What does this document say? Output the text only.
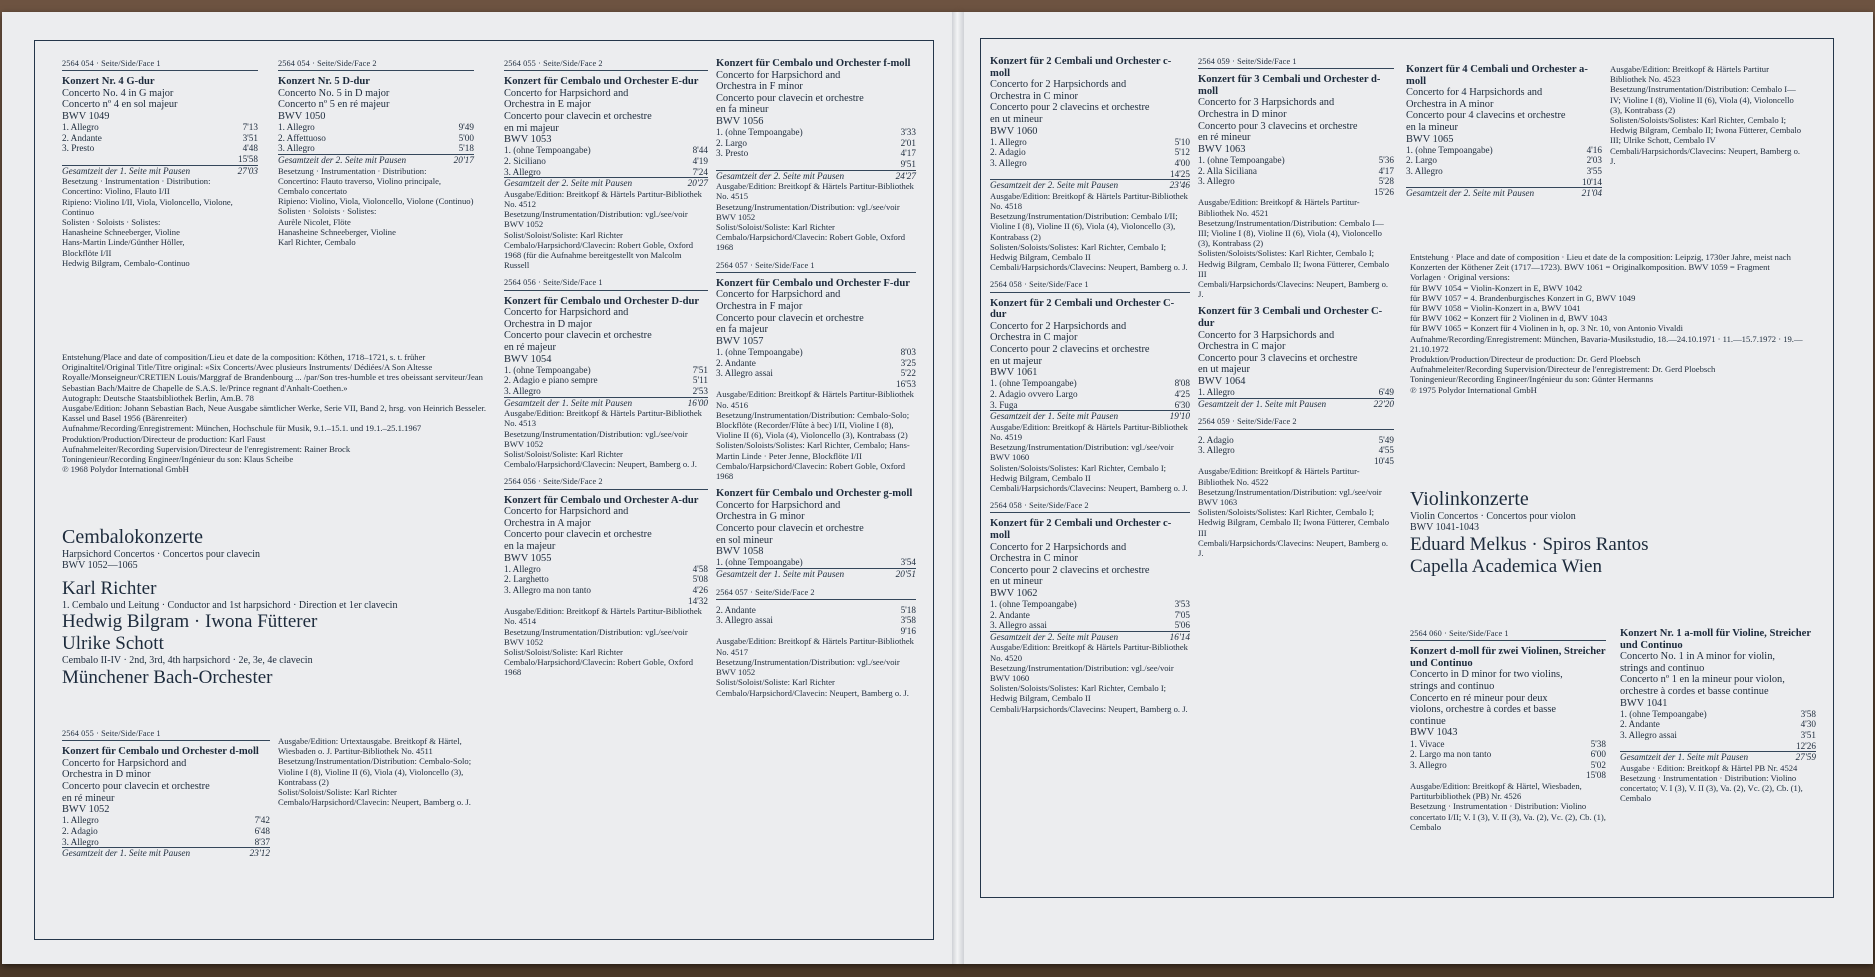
2564 054 · Seite/Side/Face 1
Konzert Nr. 4 G-dur
Concerto No. 4 in G major
Concerto nº 4 en sol majeur
BWV 1049
1. Allegro	7'13
2. Andante	3'51
3. Presto	4'48
15'58
Gesamtzeit der 1. Seite mit Pausen	27'03
Besetzung · Instrumentation · Distribution:
Concertino: Violino, Flauto I/II
Ripieno: Violino I/II, Viola, Violoncello, Violone, Continuo
Solisten · Soloists · Solistes:
Hanasheine Schneeberger, Violine
Hans-Martin Linde/Günther Höller,
Blockflöte I/II
Hedwig Bilgram, Cembalo-Continuo
2564 054 · Seite/Side/Face 2
Konzert Nr. 5 D-dur
Concerto No. 5 in D major
Concerto nº 5 en ré majeur
BWV 1050
1. Allegro	9'49
2. Affettuoso	5'00
3. Allegro	5'18
Gesamtzeit der 2. Seite mit Pausen	20'17
Besetzung · Instrumentation · Distribution:
Concertino: Flauto traverso, Violino principale, Cembalo concertato
Ripieno: Violino, Viola, Violoncello, Violone (Continuo)
Solisten · Soloists · Solistes:
Aurèle Nicolet, Flöte
Hanasheine Schneeberger, Violine
Karl Richter, Cembalo
Entstehung/Place and date of composition/Lieu et date de la composition: Köthen, 1718–1721, s. t. früher
Originaltitel/Original Title/Titre original: «Six Concerts/Avec plusieurs Instruments/ Dédiées/A Son Altesse Royalle/Monseigneur/CRETIEN Louis/Marggraf de Brandenbourg ... /par/Son tres-humble et tres obeissant serviteur/Jean Sebastian Bach/Maitre de Chapelle de S.A.S. le/Prince regnant d'Anhalt-Coethen.»
Autograph: Deutsche Staatsbibliothek Berlin, Am.B. 78
Ausgabe/Edition: Johann Sebastian Bach, Neue Ausgabe sämtlicher Werke, Serie VII, Band 2, hrsg. von Heinrich Besseler. Kassel und Basel 1956 (Bärenreiter)
Aufnahme/Recording/Enregistrement: München, Hochschule für Musik, 9.1.–15.1. und 19.1.–25.1.1967
Produktion/Production/Directeur de production: Karl Faust
Aufnahmeleiter/Recording Supervision/Directeur de l'enregistrement: Rainer Brock
Toningenieur/Recording Engineer/Ingénieur du son: Klaus Scheibe
℗ 1968 Polydor International GmbH
Cembalokonzerte
Harpsichord Concertos · Concertos pour clavecin
BWV 1052—1065
Karl Richter
1. Cembalo und Leitung · Conductor and 1st harpsichord · Direction et 1er clavecin
Hedwig Bilgram · Iwona Fütterer
Ulrike Schott
Cembalo II-IV · 2nd, 3rd, 4th harpsichord · 2e, 3e, 4e clavecin
Münchener Bach-Orchester
2564 055 · Seite/Side/Face 1
Konzert für Cembalo und Orchester d-moll
Concerto for Harpsichord and
Orchestra in D minor
Concerto pour clavecin et orchestre
en ré mineur
BWV 1052
1. Allegro	7'42
2. Adagio	6'48
3. Allegro	8'37
Gesamtzeit der 1. Seite mit Pausen	23'12
Ausgabe/Edition: Urtextausgabe. Breitkopf & Härtel, Wiesbaden o. J. Partitur-Bibliothek No. 4511
Besetzung/Instrumentation/Distribution: Cembalo-Solo; Violine I (8), Violine II (6), Viola (4), Violoncello (3), Kontrabass (2)
Solist/Soloist/Soliste: Karl Richter
Cembalo/Harpsichord/Clavecin: Neupert, Bamberg o. J.
2564 055 · Seite/Side/Face 2
Konzert für Cembalo und Orchester E-dur
Concerto for Harpsichord and
Orchestra in E major
Concerto pour clavecin et orchestre
en mi majeur
BWV 1053
1. (ohne Tempoangabe)	8'44
2. Siciliano	4'19
3. Allegro	7'24
Gesamtzeit der 2. Seite mit Pausen	20'27
Ausgabe/Edition: Breitkopf & Härtels Partitur-Bibliothek No. 4512
Besetzung/Instrumentation/Distribution: vgl./see/voir BWV 1052
Solist/Soloist/Soliste: Karl Richter
Cembalo/Harpsichord/Clavecin: Robert Goble, Oxford 1968 (für die Aufnahme bereitgestellt von Malcolm Russell
2564 056 · Seite/Side/Face 1
Konzert für Cembalo und Orchester D-dur
Concerto for Harpsichord and
Orchestra in D major
Concerto pour clavecin et orchestre
en ré majeur
BWV 1054
1. (ohne Tempoangabe)	7'51
2. Adagio e piano sempre	5'11
3. Allegro	2'53
Gesamtzeit der 1. Seite mit Pausen	16'00
Ausgabe/Edition: Breitkopf & Härtels Partitur-Bibliothek No. 4513
Besetzung/Instrumentation/Distribution: vgl./see/voir BWV 1052
Solist/Soloist/Soliste: Karl Richter
Cembalo/Harpsichord/Clavecin: Neupert, Bamberg o. J.
2564 056 · Seite/Side/Face 2
Konzert für Cembalo und Orchester A-dur
Concerto for Harpsichord and
Orchestra in A major
Concerto pour clavecin et orchestre
en la majeur
BWV 1055
1. Allegro	4'58
2. Larghetto	5'08
3. Allegro ma non tanto	4'26
14'32
Ausgabe/Edition: Breitkopf & Härtels Partitur-Bibliothek No. 4514
Besetzung/Instrumentation/Distribution: vgl./see/voir BWV 1052
Solist/Soloist/Soliste: Karl Richter
Cembalo/Harpsichord/Clavecin: Robert Goble, Oxford 1968
Konzert für Cembalo und Orchester f-moll
Concerto for Harpsichord and
Orchestra in F minor
Concerto pour clavecin et orchestre
en fa mineur
BWV 1056
1. (ohne Tempoangabe)	3'33
2. Largo	2'01
3. Presto	4'17
9'51
Gesamtzeit der 2. Seite mit Pausen	24'27
Ausgabe/Edition: Breitkopf & Härtels Partitur-Bibliothek No. 4515
Besetzung/Instrumentation/Distribution: vgl./see/voir BWV 1052
Solist/Soloist/Soliste: Karl Richter
Cembalo/Harpsichord/Clavecin: Robert Goble, Oxford 1968
2564 057 · Seite/Side/Face 1
Konzert für Cembalo und Orchester F-dur
Concerto for Harpsichord and
Orchestra in F major
Concerto pour clavecin et orchestre
en fa majeur
BWV 1057
1. (ohne Tempoangabe)	8'03
2. Andante	3'25
3. Allegro assai	5'22
16'53
Ausgabe/Edition: Breitkopf & Härtels Partitur-Bibliothek No. 4516
Besetzung/Instrumentation/Distribution: Cembalo-Solo; Blockflöte (Recorder/Flûte à bec) I/II, Violine I (8), Violine II (6), Viola (4), Violoncello (3), Kontrabass (2)
Solisten/Soloists/Solistes: Karl Richter, Cembalo; Hans-Martin Linde · Peter Jenne, Blockflöte I/II
Cembalo/Harpsichord/Clavecin: Robert Goble, Oxford 1968
Konzert für Cembalo und Orchester g-moll
Concerto for Harpsichord and
Orchestra in G minor
Concerto pour clavecin et orchestre
en sol mineur
BWV 1058
1. (ohne Tempoangabe)	3'54
Gesamtzeit der 1. Seite mit Pausen	20'51
2564 057 · Seite/Side/Face 2
2. Andante	5'18
3. Allegro assai	3'58
9'16
Ausgabe/Edition: Breitkopf & Härtels Partitur-Bibliothek No. 4517
Besetzung/Instrumentation/Distribution: vgl./see/voir BWV 1052
Solist/Soloist/Soliste: Karl Richter
Cembalo/Harpsichord/Clavecin: Neupert, Bamberg o. J.
Konzert für 2 Cembali und Orchester c-moll
Concerto for 2 Harpsichords and
Orchestra in C minor
Concerto pour 2 clavecins et orchestre
en ut mineur
BWV 1060
1. Allegro	5'10
2. Adagio	5'12
3. Allegro	4'00
14'25
Gesamtzeit der 2. Seite mit Pausen	23'46
Ausgabe/Edition: Breitkopf & Härtels Partitur-Bibliothek No. 4518
Besetzung/Instrumentation/Distribution: Cembalo I/II; Violine I (8), Violine II (6), Viola (4), Violoncello (3), Kontrabass (2)
Solisten/Soloists/Solistes: Karl Richter, Cembalo I; Hedwig Bilgram, Cembalo II
Cembali/Harpsichords/Clavecins: Neupert, Bamberg o. J.
2564 058 · Seite/Side/Face 1
Konzert für 2 Cembali und Orchester C-dur
Concerto for 2 Harpsichords and
Orchestra in C major
Concerto pour 2 clavecins et orchestre
en ut majeur
BWV 1061
1. (ohne Tempoangabe)	8'08
2. Adagio ovvero Largo	4'25
3. Fuga	6'30
Gesamtzeit der 1. Seite mit Pausen	19'10
Ausgabe/Edition: Breitkopf & Härtels Partitur-Bibliothek No. 4519
Besetzung/Instrumentation/Distribution: vgl./see/voir BWV 1060
Solisten/Soloists/Solistes: Karl Richter, Cembalo I; Hedwig Bilgram, Cembalo II
Cembali/Harpsichords/Clavecins: Neupert, Bamberg o. J.
2564 058 · Seite/Side/Face 2
Konzert für 2 Cembali und Orchester c-moll
Concerto for 2 Harpsichords and
Orchestra in C minor
Concerto pour 2 clavecins et orchestre
en ut mineur
BWV 1062
1. (ohne Tempoangabe)	3'53
2. Andante	7'05
3. Allegro assai	5'06
Gesamtzeit der 2. Seite mit Pausen	16'14
Ausgabe/Edition: Breitkopf & Härtels Partitur-Bibliothek No. 4520
Besetzung/Instrumentation/Distribution: vgl./see/voir BWV 1060
Solisten/Soloists/Solistes: Karl Richter, Cembalo I; Hedwig Bilgram, Cembalo II
Cembali/Harpsichords/Clavecins: Neupert, Bamberg o. J.
2564 059 · Seite/Side/Face 1
Konzert für 3 Cembali und Orchester d-moll
Concerto for 3 Harpsichords and
Orchestra in D minor
Concerto pour 3 clavecins et orchestre
en ré mineur
BWV 1063
1. (ohne Tempoangabe)	5'36
2. Alla Siciliana	4'17
3. Allegro	5'28
15'26
Ausgabe/Edition: Breitkopf & Härtels Partitur-Bibliothek No. 4521
Besetzung/Instrumentation/Distribution: Cembalo I—III; Violine I (8), Violine II (6), Viola (4), Violoncello (3), Kontrabass (2)
Solisten/Soloists/Solistes: Karl Richter, Cembalo I; Hedwig Bilgram, Cembalo II; Iwona Fütterer, Cembalo III
Cembali/Harpsichords/Clavecins: Neupert, Bamberg o. J.
Konzert für 3 Cembali und Orchester C-dur
Concerto for 3 Harpsichords and
Orchestra in C major
Concerto pour 3 clavecins et orchestre
en ut majeur
BWV 1064
1. Allegro	6'49
Gesamtzeit der 1. Seite mit Pausen	22'20
2564 059 · Seite/Side/Face 2
2. Adagio	5'49
3. Allegro	4'55
10'45
Ausgabe/Edition: Breitkopf & Härtels Partitur-Bibliothek No. 4522
Besetzung/Instrumentation/Distribution: vgl./see/voir BWV 1063
Solisten/Soloists/Solistes: Karl Richter, Cembalo I; Hedwig Bilgram, Cembalo II; Iwona Fütterer, Cembalo III
Cembali/Harpsichords/Clavecins: Neupert, Bamberg o. J.
Konzert für 4 Cembali und Orchester a-moll
Concerto for 4 Harpsichords and
Orchestra in A minor
Concerto pour 4 clavecins et orchestre
en la mineur
BWV 1065
1. (ohne Tempoangabe)	4'16
2. Largo	2'03
3. Allegro	3'55
10'14
Gesamtzeit der 2. Seite mit Pausen	21'04
Ausgabe/Edition: Breitkopf & Härtels Partitur Bibliothek No. 4523
Besetzung/Instrumentation/Distribution: Cembalo I—IV; Violine I (8), Violine II (6), Viola (4), Violoncello (3), Kontrabass (2)
Solisten/Soloists/Solistes: Karl Richter, Cembalo I; Hedwig Bilgram, Cembalo II; Iwona Fütterer, Cembalo III; Ulrike Schott, Cembalo IV
Cembali/Harpsichords/Clavecins: Neupert, Bamberg o. J.
Entstehung · Place and date of composition · Lieu et date de la composition: Leipzig, 1730er Jahre, meist nach Konzerten der Köthener Zeit (1717—1723). BWV 1061 = Originalkomposition. BWV 1059 = Fragment
Vorlagen · Original versions:
für BWV 1054 = Violin-Konzert in E, BWV 1042
für BWV 1057 = 4. Brandenburgisches Konzert in G, BWV 1049
für BWV 1058 = Violin-Konzert in a, BWV 1041
für BWV 1062 = Konzert für 2 Violinen in d, BWV 1043
für BWV 1065 = Konzert für 4 Violinen in h, op. 3 Nr. 10, von Antonio Vivaldi
Aufnahme/Recording/Enregistrement: München, Bavaria-Musikstudio, 18.—24.10.1971 · 11.—15.7.1972 · 19.—21.10.1972
Produktion/Production/Directeur de production: Dr. Gerd Ploebsch
Aufnahmeleiter/Recording Supervision/Directeur de l'enregistrement: Dr. Gerd Ploebsch
Toningenieur/Recording Engineer/Ingénieur du son: Günter Hermanns
℗ 1975 Polydor International GmbH
Violinkonzerte
Violin Concertos · Concertos pour violon
BWV 1041-1043
Eduard Melkus · Spiros Rantos
Capella Academica Wien
2564 060 · Seite/Side/Face 1
Konzert d-moll für zwei Violinen, Streicher und Continuo
Concerto in D minor for two violins,
strings and continuo
Concerto en ré mineur pour deux
violons, orchestre à cordes et basse
continue
BWV 1043
1. Vivace	5'38
2. Largo ma non tanto	6'00
3. Allegro	5'02
15'08
Ausgabe/Edition: Breitkopf & Härtel, Wiesbaden, Partiturbibliothek (PB) Nr. 4526
Besetzung · Instrumentation · Distribution: Violino concertato I/II; V. I (3), V. II (3), Va. (2), Vc. (2), Cb. (1), Cembalo
Konzert Nr. 1 a-moll für Violine, Streicher und Continuo
Concerto No. 1 in A minor for violin,
strings and continuo
Concerto nº 1 en la mineur pour violon,
orchestre à cordes et basse continue
BWV 1041
1. (ohne Tempoangabe)	3'58
2. Andante	4'30
3. Allegro assai	3'51
12'26
Gesamtzeit der 1. Seite mit Pausen	27'59
Ausgabe · Edition: Breitkopf & Härtel PB Nr. 4524
Besetzung · Instrumentation · Distribution: Violino concertato; V. I (3), V. II (3), Va. (2), Vc. (2), Cb. (1), Cembalo
